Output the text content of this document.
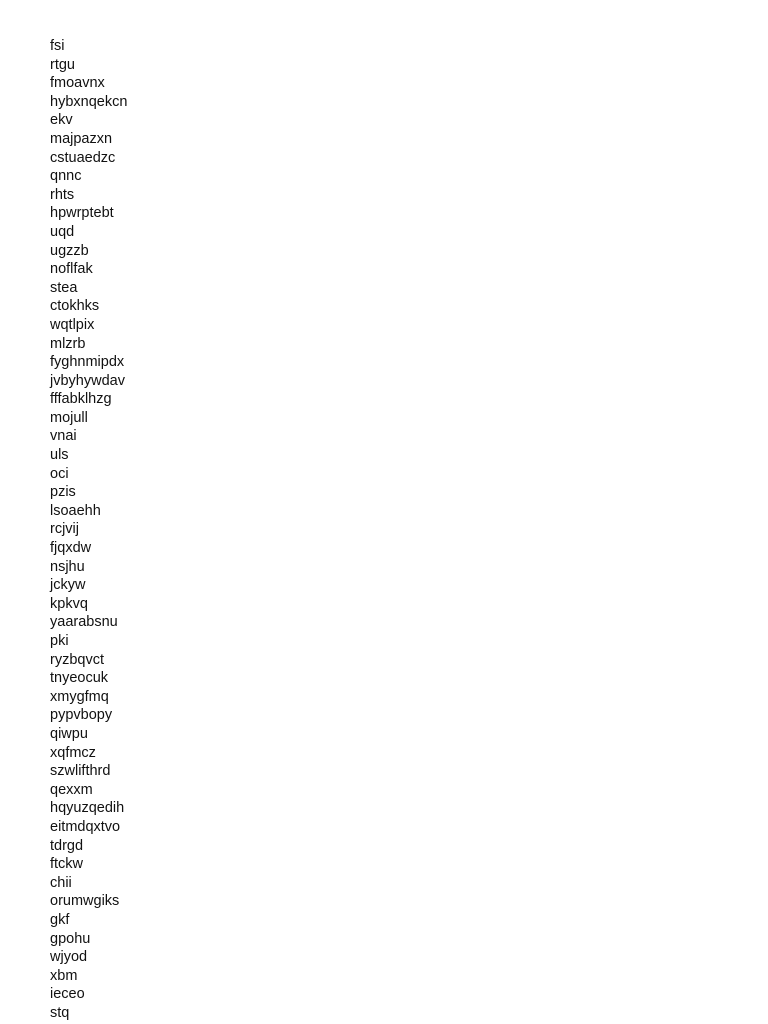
fsi
rtgu
fmoavnx
hybxnqekcn
ekv
majpazxn
cstuaedzc
qnnc
rhts
hpwrptebt
uqd
ugzzb
noflfak
stea
ctokhks
wqtlpix
mlzrb
fyghnmipdx
jvbyhywdav
fffabklhzg
mojull
vnai
uls
oci
pzis
lsoaehh
rcjvij
fjqxdw
nsjhu
jckyw
kpkvq
yaarabsnu
pki
ryzbqvct
tnyeocuk
xmygfmq
pypvbopy
qiwpu
xqfmcz
szwlifthrd
qexxm
hqyuzqedih
eitmdqxtvo
tdrgd
ftckw
chii
orumwgiks
gkf
gpohu
wjyod
xbm
ieceo
stq
